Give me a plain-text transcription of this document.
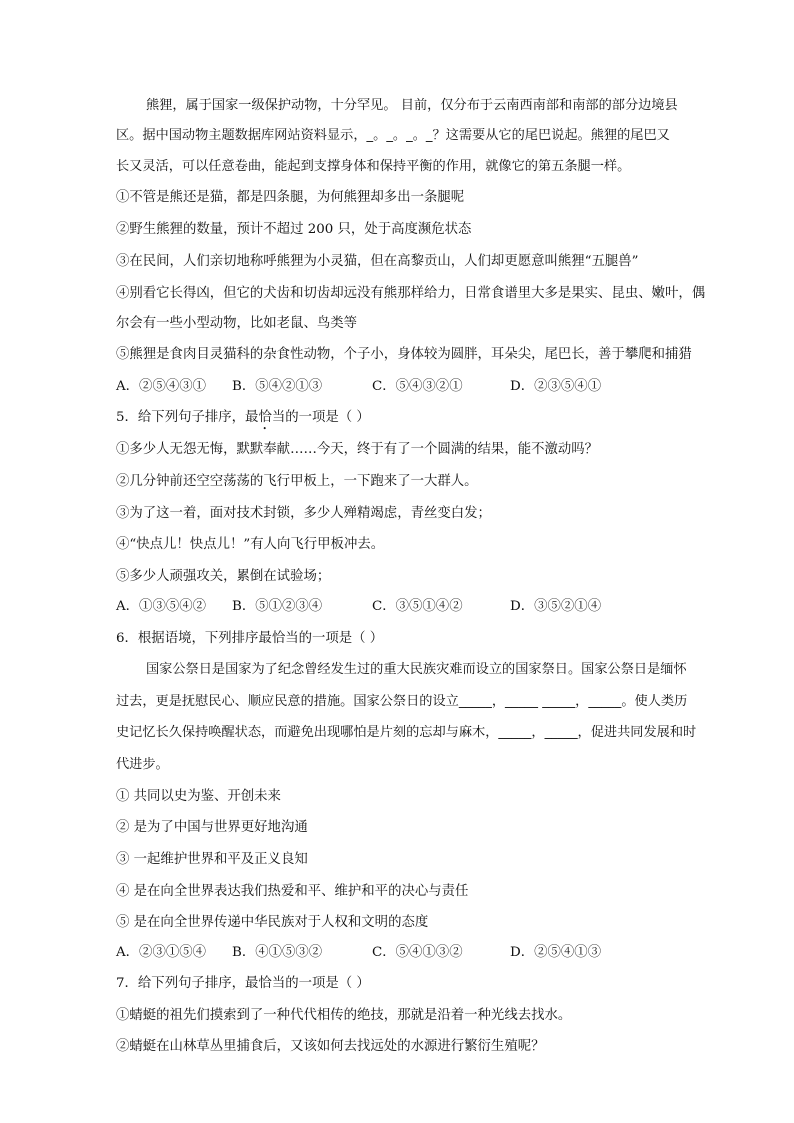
熊狸，属于国家一级保护动物，十分罕见。 目前，仅分布于云南西南部和南部的部分边境县
区。据中国动物主题数据库网站资料显示，_。_。_。_？这需要从它的尾巴说起。熊狸的尾巴又
长又灵活，可以任意卷曲，能起到支撑身体和保持平衡的作用，就像它的第五条腿一样。
①不管是熊还是猫，都是四条腿，为何熊狸却多出一条腿呢
②野生熊狸的数量，预计不超过 200 只，处于高度濒危状态
③在民间，人们亲切地称呼熊狸为小灵猫，但在高黎贡山，人们却更愿意叫熊狸“五腿兽”
④别看它长得凶，但它的犬齿和切齿却远没有熊那样给力，日常食谱里大多是果实、昆虫、嫩叶，偶
尔会有一些小型动物，比如老鼠、鸟类等
⑤熊狸是食肉目灵猫科的杂食性动物，个子小，身体较为圆胖，耳朵尖，尾巴长，善于攀爬和捕猎
A．②⑤④③① B．⑤④②①③	C．⑤④③②①	D．②③⑤④①
5．给下列句子排序，最恰当的一项是（ ）
①多少人无怨无悔，默默奉献……今天，终于有了一个圆满的结果，能不激动吗？
②几分钟前还空空荡荡的飞行甲板上，一下跑来了一大群人。
③为了这一着，面对技术封锁，多少人殚精竭虑，青丝变白发；
④“快点儿！快点儿！”有人向飞行甲板冲去。
⑤多少人顽强攻关，累倒在试验场；
A．①③⑤④② B．⑤①②③④	C．③⑤①④②	D．③⑤②①④
6．根据语境，下列排序最恰当的一项是（ ）
国家公祭日是国家为了纪念曾经发生过的重大民族灾难而设立的国家祭日。国家公祭日是缅怀
过去，更是抚慰民心、顺应民意的措施。国家公祭日的设立_____，_____ _____，_____。使人类历
史记忆长久保持唤醒状态，而避免出现哪怕是片刻的忘却与麻木，_____，_____，促进共同发展和时
代进步。
① 共同以史为鉴、开创未来
② 是为了中国与世界更好地沟通
③ 一起维护世界和平及正义良知
④ 是在向全世界表达我们热爱和平、维护和平的决心与责任
⑤ 是在向全世界传递中华民族对于人权和文明的态度
A．②③①⑤④ B．④①⑤③②	C．⑤④①③②	D．②⑤④①③
7．给下列句子排序，最恰当的一项是（ ）
①蜻蜓的祖先们摸索到了一种代代相传的绝技，那就是沿着一种光线去找水。
②蜻蜓在山林草丛里捕食后，又该如何去找远处的水源进行繁衍生殖呢？
